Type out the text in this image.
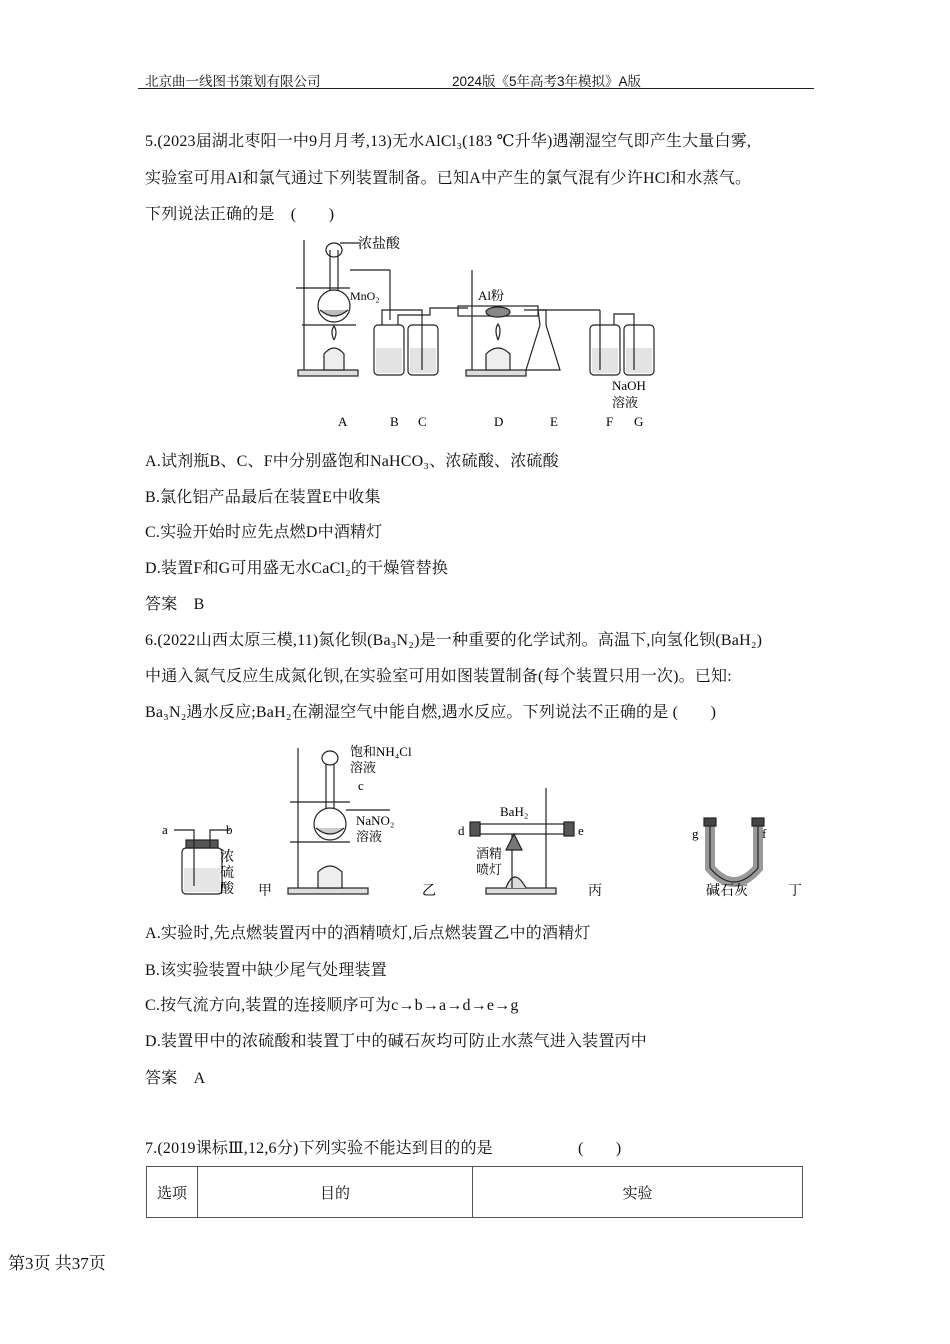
北京曲一线图书策划有限公司	2024版《5年高考3年模拟》A版
5.(2023届湖北枣阳一中9月月考,13)无水AlCl₃(183 ℃升华)遇潮湿空气即产生大量白雾,
实验室可用Al和氯气通过下列装置制备。已知A中产生的氯气混有少许HCl和水蒸气。
下列说法正确的是　(　　)
浓盐酸
MnO₂	Al粉
NaOH
溶液
A	B C	D	E	F G
A.试剂瓶B、C、F中分别盛饱和NaHCO₃、浓硫酸、浓硫酸
B.氯化铝产品最后在装置E中收集
C.实验开始时应先点燃D中酒精灯
D.装置F和G可用盛无水CaCl₂的干燥管替换
答案　B
6.(2022山西太原三模,11)氮化钡(Ba₃N₂)是一种重要的化学试剂。高温下,向氢化钡(BaH₂)
中通入氮气反应生成氮化钡,在实验室可用如图装置制备(每个装置只用一次)。已知:
Ba₃N₂遇水反应;BaH₂在潮湿空气中能自燃,遇水反应。下列说法不正确的是 (　　)
a	b
浓
硫
酸 甲
饱和NH₄Cl
溶液
c
NaNO₂
溶液
乙
BaH₂
d	e
酒精
喷灯
丙
g	f
碱石灰	丁
A.实验时,先点燃装置丙中的酒精喷灯,后点燃装置乙中的酒精灯
B.该实验装置中缺少尾气处理装置
C.按气流方向,装置的连接顺序可为c→b→a→d→e→g
D.装置甲中的浓硫酸和装置丁中的碱石灰均可防止水蒸气进入装置丙中
答案　A
7.(2019课标Ⅲ,12,6分)下列实验不能达到目的的是	(　　)
选项	目的	实验
第3页 共37页
